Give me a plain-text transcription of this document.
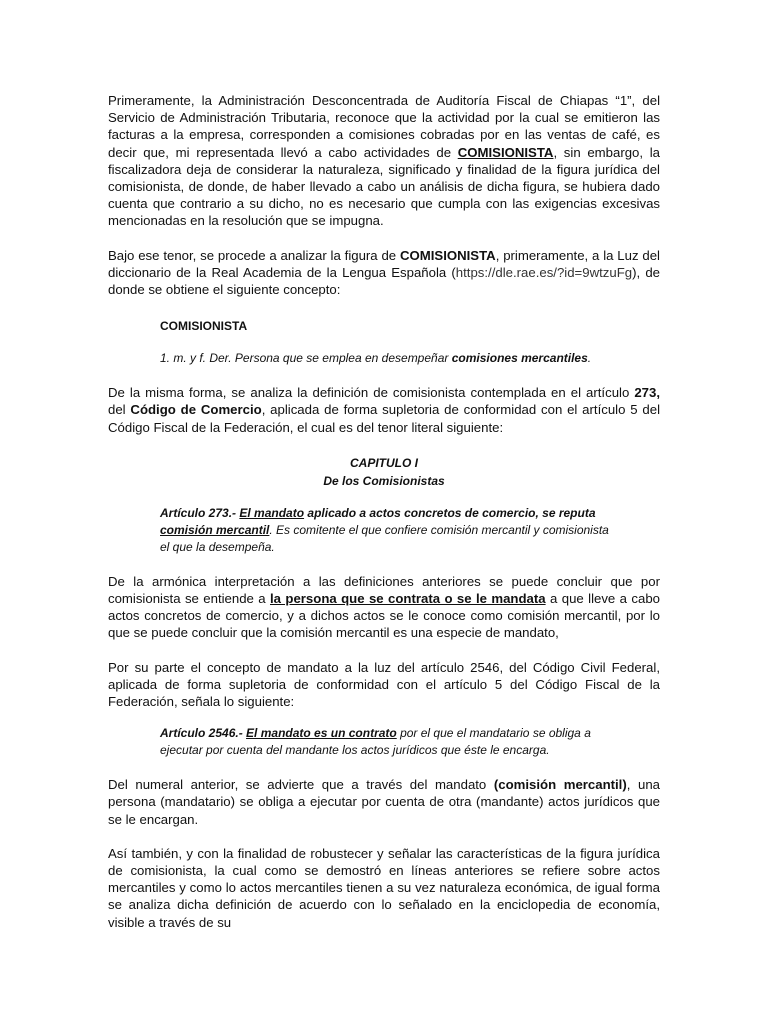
Primeramente, la Administración Desconcentrada de Auditoría Fiscal de Chiapas “1”, del Servicio de Administración Tributaria, reconoce que la actividad por la cual se emitieron las facturas a la empresa, corresponden a comisiones cobradas por en las ventas de café, es decir que, mi representada llevó a cabo actividades de COMISIONISTA, sin embargo, la fiscalizadora deja de considerar la naturaleza, significado y finalidad de la figura jurídica del comisionista, de donde, de haber llevado a cabo un análisis de dicha figura, se hubiera dado cuenta que contrario a su dicho, no es necesario que cumpla con las exigencias excesivas mencionadas en la resolución que se impugna.

Bajo ese tenor, se procede a analizar la figura de COMISIONISTA, primeramente, a la Luz del diccionario de la Real Academia de la Lengua Española (https://dle.rae.es/?id=9wtzuFg), de donde se obtiene el siguiente concepto:

COMISIONISTA

1. m. y f. Der. Persona que se emplea en desempeñar comisiones mercantiles.

De la misma forma, se analiza la definición de comisionista contemplada en el artículo 273, del Código de Comercio, aplicada de forma supletoria de conformidad con el artículo 5 del Código Fiscal de la Federación, el cual es del tenor literal siguiente:

CAPITULO I

De los Comisionistas

Artículo 273.- El mandato aplicado a actos concretos de comercio, se reputa comisión mercantil. Es comitente el que confiere comisión mercantil y comisionista el que la desempeña.

De la armónica interpretación a las definiciones anteriores se puede concluir que por comisionista se entiende a la persona que se contrata o se le mandata a que lleve a cabo actos concretos de comercio, y a dichos actos se le conoce como comisión mercantil, por lo que se puede concluir que la comisión mercantil es una especie de mandato,

Por su parte el concepto de mandato a la luz del artículo 2546, del Código Civil Federal, aplicada de forma supletoria de conformidad con el artículo 5 del Código Fiscal de la Federación, señala lo siguiente:

Artículo 2546.- El mandato es un contrato por el que el mandatario se obliga a ejecutar por cuenta del mandante los actos jurídicos que éste le encarga.

Del numeral anterior, se advierte que a través del mandato (comisión mercantil), una persona (mandatario) se obliga a ejecutar por cuenta de otra (mandante) actos jurídicos que se le encargan.

Así también, y con la finalidad de robustecer y señalar las características de la figura jurídica de comisionista, la cual como se demostró en líneas anteriores se refiere sobre actos mercantiles y como lo actos mercantiles tienen a su vez naturaleza económica, de igual forma se analiza dicha definición de acuerdo con lo señalado en la enciclopedia de economía, visible a través de su
